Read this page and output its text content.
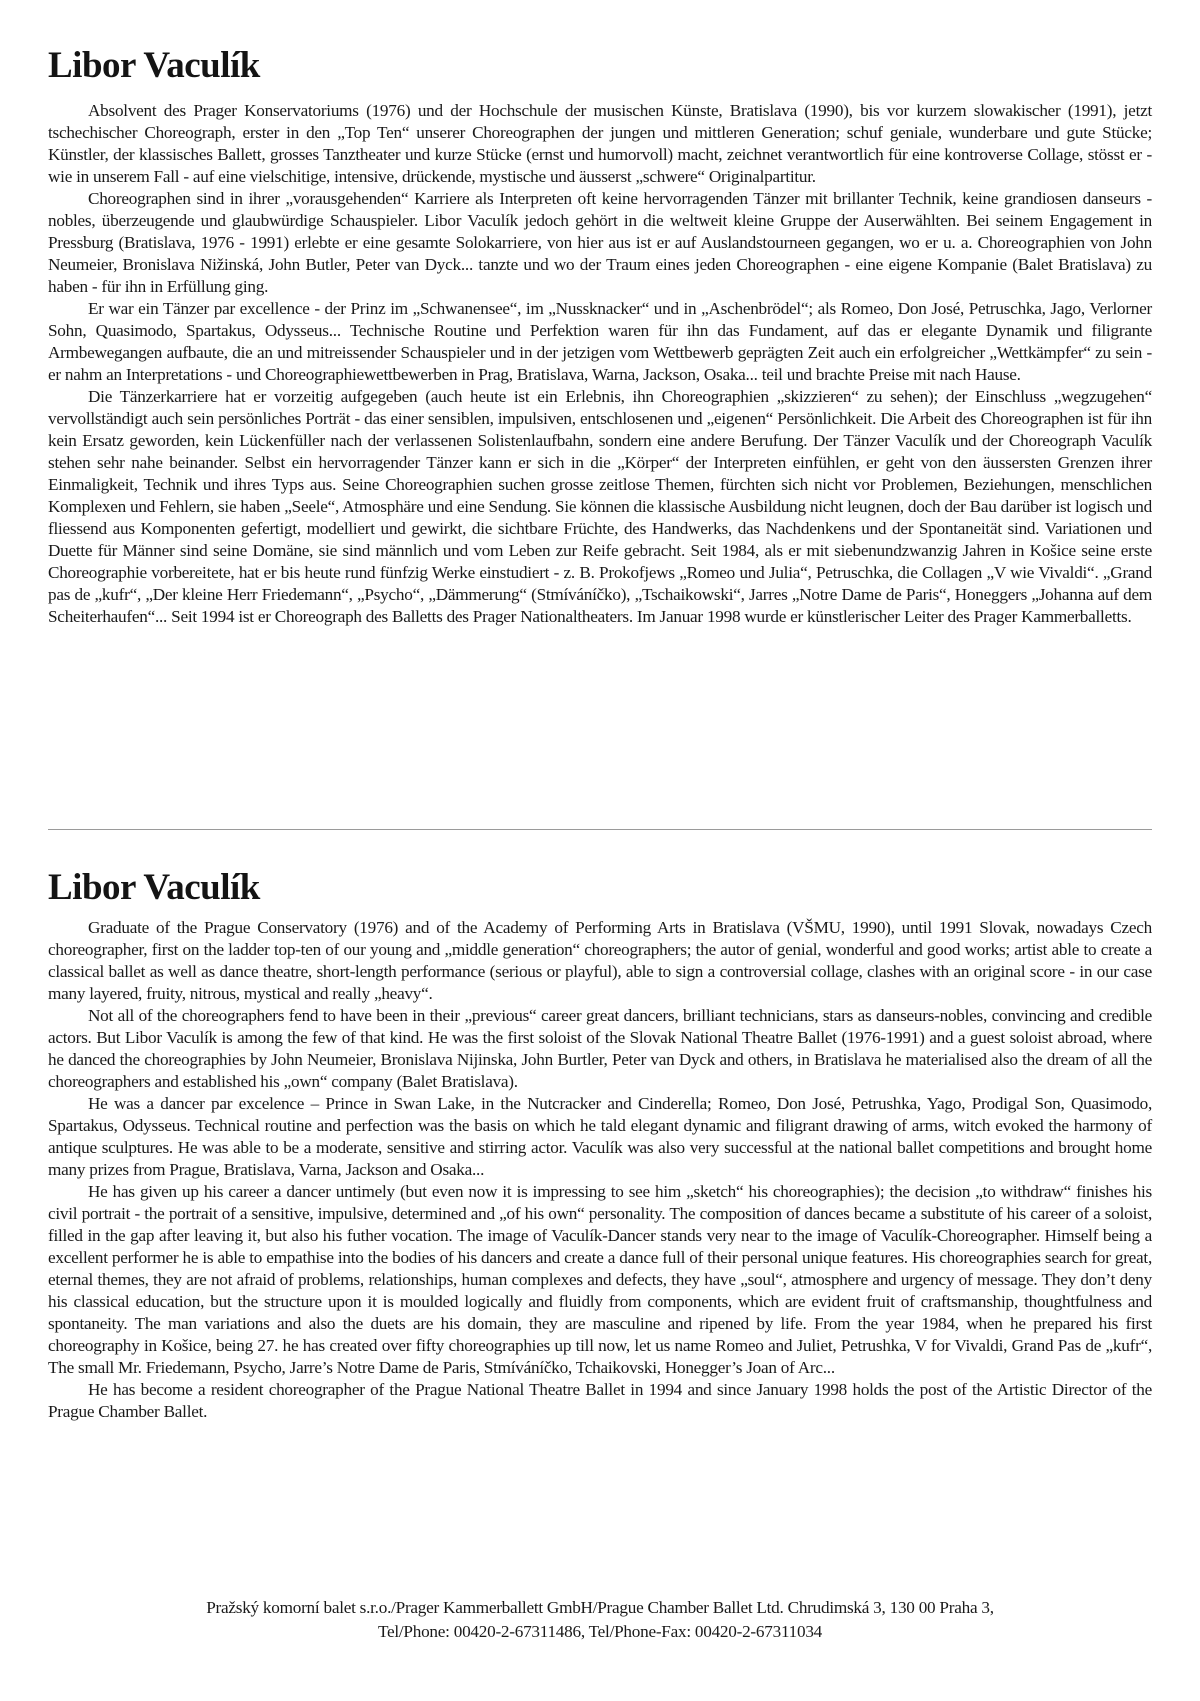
Libor Vaculík

Absolvent des Prager Konservatoriums (1976) und der Hochschule der musischen Künste, Bratislava (1990), bis vor kurzem slowakischer (1991), jetzt tschechischer Choreograph, erster in den „Top Ten“ unserer Choreographen der jungen und mittleren Generation; schuf geniale, wunderbare und gute Stücke; Künstler, der klassisches Ballett, grosses Tanztheater und kurze Stücke (ernst und humorvoll) macht, zeichnet verantwortlich für eine kontroverse Collage, stösst er - wie in unserem Fall - auf eine vielschitige, intensive, drückende, mystische und äusserst „schwere“ Originalpartitur.

Choreographen sind in ihrer „vorausgehenden“ Karriere als Interpreten oft keine hervorragenden Tänzer mit brillanter Technik, keine grandiosen danseurs - nobles, überzeugende und glaubwürdige Schauspieler. Libor Vaculík jedoch gehört in die weltweit kleine Gruppe der Auserwählten. Bei seinem Engagement in Pressburg (Bratislava, 1976 - 1991) erlebte er eine gesamte Solokarriere, von hier aus ist er auf Auslandstourneen gegangen, wo er u. a. Choreographien von John Neumeier, Bronislava Nižinská, John Butler, Peter van Dyck... tanzte und wo der Traum eines jeden Choreographen - eine eigene Kompanie (Balet Bratislava) zu haben - für ihn in Erfüllung ging.

Er war ein Tänzer par excellence - der Prinz im „Schwanensee“, im „Nussknacker“ und in „Aschenbrödel“; als Romeo, Don José, Petruschka, Jago, Verlorner Sohn, Quasimodo, Spartakus, Odysseus... Technische Routine und Perfektion waren für ihn das Fundament, auf das er elegante Dynamik und filigrante Armbewegangen aufbaute, die an und mitreissender Schauspieler und in der jetzigen vom Wettbewerb geprägten Zeit auch ein erfolgreicher „Wettkämpfer“ zu sein - er nahm an Interpretations - und Choreographiewettbewerben in Prag, Bratislava, Warna, Jackson, Osaka... teil und brachte Preise mit nach Hause.

Die Tänzerkarriere hat er vorzeitig aufgegeben (auch heute ist ein Erlebnis, ihn Choreographien „skizzieren“ zu sehen); der Einschluss „wegzugehen“ vervollständigt auch sein persönliches Porträt - das einer sensiblen, impulsiven, entschlosenen und „eigenen“ Persönlichkeit. Die Arbeit des Choreographen ist für ihn kein Ersatz geworden, kein Lückenfüller nach der verlassenen Solistenlaufbahn, sondern eine andere Berufung. Der Tänzer Vaculík und der Choreograph Vaculík stehen sehr nahe beinander. Selbst ein hervorragender Tänzer kann er sich in die „Körper“ der Interpreten einfühlen, er geht von den äussersten Grenzen ihrer Einmaligkeit, Technik und ihres Typs aus. Seine Choreographien suchen grosse zeitlose Themen, fürchten sich nicht vor Problemen, Beziehungen, menschlichen Komplexen und Fehlern, sie haben „Seele“, Atmosphäre und eine Sendung. Sie können die klassische Ausbildung nicht leugnen, doch der Bau darüber ist logisch und fliessend aus Komponenten gefertigt, modelliert und gewirkt, die sichtbare Früchte, des Handwerks, das Nachdenkens und der Spontaneität sind. Variationen und Duette für Männer sind seine Domäne, sie sind männlich und vom Leben zur Reife gebracht. Seit 1984, als er mit siebenundzwanzig Jahren in Košice seine erste Choreographie vorbereitete, hat er bis heute rund fünfzig Werke einstudiert - z. B. Prokofjews „Romeo und Julia“, Petruschka, die Collagen „V wie Vivaldi“. „Grand pas de „kufr“, „Der kleine Herr Friedemann“, „Psycho“, „Dämmerung“ (Stmíváníčko), „Tschaikowski“, Jarres „Notre Dame de Paris“, Honeggers „Johanna auf dem Scheiterhaufen“... Seit 1994 ist er Choreograph des Balletts des Prager Nationaltheaters. Im Januar 1998 wurde er künstlerischer Leiter des Prager Kammerballetts.

Libor Vaculík

Graduate of the Prague Conservatory (1976) and of the Academy of Performing Arts in Bratislava (VŠMU, 1990), until 1991 Slovak, nowadays Czech choreographer, first on the ladder top-ten of our young and „middle generation“ choreographers; the autor of genial, wonderful and good works; artist able to create a classical ballet as well as dance theatre, short-length performance (serious or playful), able to sign a controversial collage, clashes with an original score - in our case many layered, fruity, nitrous, mystical and really „heavy“.

Not all of the choreographers fend to have been in their „previous“ career great dancers, brilliant technicians, stars as danseurs-nobles, convincing and credible actors. But Libor Vaculík is among the few of that kind. He was the first soloist of the Slovak National Theatre Ballet (1976-1991) and a guest soloist abroad, where he danced the choreographies by John Neumeier, Bronislava Nijinska, John Burtler, Peter van Dyck and others, in Bratislava he materialised also the dream of all the choreographers and established his „own“ company (Balet Bratislava).

He was a dancer par excelence – Prince in Swan Lake, in the Nutcracker and Cinderella; Romeo, Don José, Petrushka, Yago, Prodigal Son, Quasimodo, Spartakus, Odysseus. Technical routine and perfection was the basis on which he tald elegant dynamic and filigrant drawing of arms, witch evoked the harmony of antique sculptures. He was able to be a moderate, sensitive and stirring actor. Vaculík was also very successful at the national ballet competitions and brought home many prizes from Prague, Bratislava, Varna, Jackson and Osaka...

He has given up his career a dancer untimely (but even now it is impressing to see him „sketch“ his choreographies); the decision „to withdraw“ finishes his civil portrait - the portrait of a sensitive, impulsive, determined and „of his own“ personality. The composition of dances became a substitute of his career of a soloist, filled in the gap after leaving it, but also his futher vocation. The image of Vaculík-Dancer stands very near to the image of Vaculík-Choreographer. Himself being a excellent performer he is able to empathise into the bodies of his dancers and create a dance full of their personal unique features. His choreographies search for great, eternal themes, they are not afraid of problems, relationships, human complexes and defects, they have „soul“, atmosphere and urgency of message. They don’t deny his classical education, but the structure upon it is moulded logically and fluidly from components, which are evident fruit of craftsmanship, thoughtfulness and spontaneity. The man variations and also the duets are his domain, they are masculine and ripened by life. From the year 1984, when he prepared his first choreography in Košice, being 27. he has created over fifty choreographies up till now, let us name Romeo and Juliet, Petrushka, V for Vivaldi, Grand Pas de „kufr“, The small Mr. Friedemann, Psycho, Jarre’s Notre Dame de Paris, Stmíváníčko, Tchaikovski, Honegger’s Joan of Arc...

He has become a resident choreographer of the Prague National Theatre Ballet in 1994 and since January 1998 holds the post of the Artistic Director of the Prague Chamber Ballet.

Pražský komorní balet s.r.o./Prager Kammerballett GmbH/Prague Chamber Ballet Ltd. Chrudimská 3, 130 00 Praha 3,
Tel/Phone: 00420-2-67311486, Tel/Phone-Fax: 00420-2-67311034
